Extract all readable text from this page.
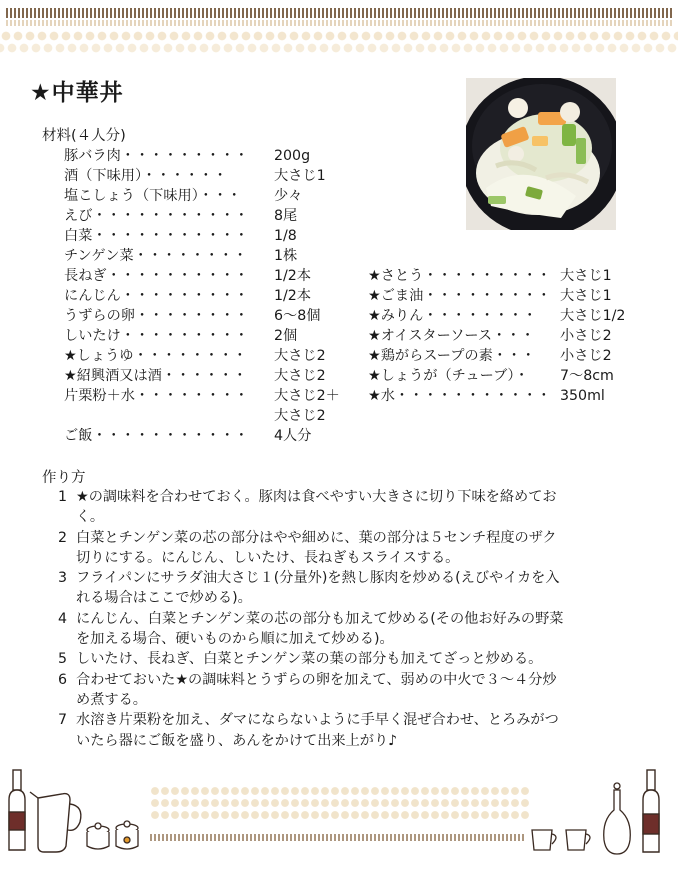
★中華丼
材料(４人分)
豚バラ肉・・・・・・・・・ 200g
酒（下味用）・・・・・・	大さじ1
塩こしょう（下味用）・・・ 少々
えび・・・・・・・・・・・ 8尾
白菜・・・・・・・・・・・ 1/8
チンゲン菜・・・・・・・・ 1株
長ねぎ・・・・・・・・・・ 1/2本
にんじん・・・・・・・・・ 1/2本
うずらの卵・・・・・・・・ 6～8個
しいたけ・・・・・・・・・ 2個
★しょうゆ・・・・・・・・ 大さじ2
★紹興酒又は酒・・・・・・ 大さじ2
片栗粉＋水・・・・・・・・ 大さじ2＋
大さじ2
ご飯・・・・・・・・・・・ 4人分
★さとう・・・・・・・・・ 大さじ1
★ごま油・・・・・・・・・ 大さじ1
★みりん・・・・・・・・ 大さじ1/2
★オイスターソース・・・ 小さじ2
★鶏がらスープの素・・・ 小さじ2
★しょうが（チューブ）・ 7～8cm
★水・・・・・・・・・・・ 350ml
作り方
1 ★の調味料を合わせておく。豚肉は食べやすい大きさに切り下味を絡めてお
く。
2 白菜とチンゲン菜の芯の部分はやや細めに、葉の部分は５センチ程度のザク
切りにする。にんじん、しいたけ、長ねぎもスライスする。
3 フライパンにサラダ油大さじ１(分量外)を熱し豚肉を炒める(えびやイカを入
れる場合はここで炒める)。
4 にんじん、白菜とチンゲン菜の芯の部分も加えて炒める(その他お好みの野菜
を加える場合、硬いものから順に加えて炒める)。
5 しいたけ、長ねぎ、白菜とチンゲン菜の葉の部分も加えてざっと炒める。
6 合わせておいた★の調味料とうずらの卵を加えて、弱めの中火で３～４分炒
め煮する。
7 水溶き片栗粉を加え、ダマにならないように手早く混ぜ合わせ、とろみがつ
いたら器にご飯を盛り、あんをかけて出来上がり♪
